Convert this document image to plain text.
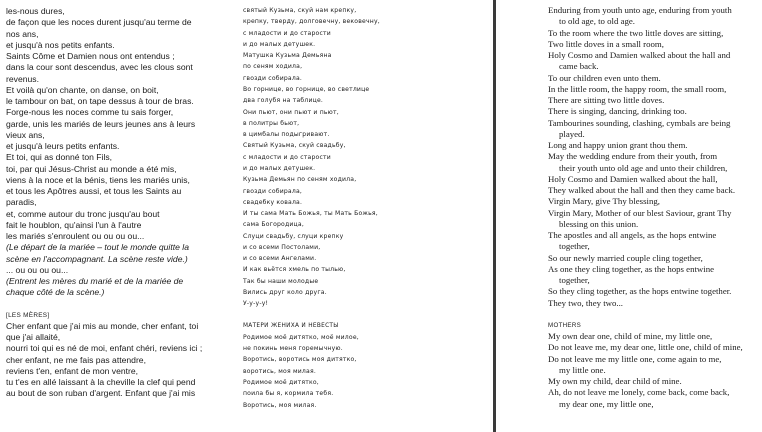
les-nous dures,
de façon que les noces durent jusqu'au terme de
nos ans,
et jusqu'à nos petits enfants.
Saints Côme et Damien nous ont entendus ;
dans la cour sont descendus, avec les clous sont
revenus.
Et voilà qu'on chante, on danse, on boit,
le tambour on bat, on tape dessus à tour de bras.
Forge-nous les noces comme tu sais forger,
garde, unis les mariés de leurs jeunes ans à leurs
vieux ans,
et jusqu'à leurs petits enfants.
Et toi, qui as donné ton Fils,
toi, par qui Jésus-Christ au monde a été mis,
viens à la noce et la bénis, tiens les mariés unis,
et tous les Apôtres aussi, et tous les Saints au
paradis,
et, comme autour du tronc jusqu'au bout
fait le houblon, qu'ainsi l'un à l'autre
les mariés s'enroulent ou ou ou ou...
(Le départ de la mariée – tout le monde quitte la
scène en l'accompagnant. La scène reste vide.)
... ou ou ou ou...
(Entrent les mères du marié et de la mariée de
chaque côté de la scène.)
[LES MÈRES]
Cher enfant que j'ai mis au monde, cher enfant, toi
que j'ai allaité,
nourri toi qui es né de moi, enfant chéri, reviens ici ;
cher enfant, ne me fais pas attendre,
reviens t'en, enfant de mon ventre,
tu t'es en allé laissant à la cheville la clef qui pend
au bout de son ruban d'argent. Enfant que j'ai mis
святый Кузьма, скуй нам крепку,
крепку, тверду, долговечну, вековечну,
с младости и до старости
и до малых детушек.
Матушка Кузьма Демьяна
по сеням ходила,
гвозди собирала.
Во горнице, во горнице, во светлице
два голубя на таблице.
Они пьют, они пьют и пьют,
в политры бьют,
в цимбалы подыгривают.
Святый Кузьма, скуй свадьбу,
с младости и до старости
и до малых детушек.
Кузьма Демьян по сеням ходила,
гвозди собирала,
свадебку ковала.
И ты сама Мать Божья, ты Мать Божья,
сама Богородица,
Слуци свадьбу, слуци крепку
и со всеми Постолами,
и со всеми Ангелами.
И как вьётся хмель по тылью,
Так бы наши молодые
Вились друг коло друга.
У-у-у-у!
МАТЕРИ ЖЕНИХА И НЕВЕСТЫ
Родимое моё дитятко, моё милое,
не покинь меня горемычную.
Воротись, воротись моя дитятко,
воротись, моя милая.
Родимое моё дитятко,
поила бы я, кормила тебя.
Воротись, моя милая.
Enduring from youth unto age, enduring from youth
to old age, to old age.
To the room where the two little doves are sitting,
Two little doves in a small room,
Holy Cosmo and Damien walked about the hall and
came back.
To our children even unto them.
In the little room, the happy room, the small room,
There are sitting two little doves.
There is singing, dancing, drinking too.
Tambourines sounding, clashing, cymbals are being
played.
Long and happy union grant thou them.
May the wedding endure from their youth, from
their youth unto old age and unto their children,
Holy Cosmo and Damien walked about the hall,
They walked about the hall and then they came back.
Virgin Mary, give Thy blessing,
Virgin Mary, Mother of our blest Saviour, grant Thy
blessing on this union.
The apostles and all angels, as the hops entwine
together,
So our newly married couple cling together,
As one they cling together, as the hops entwine
together,
So they cling together, as the hops entwine together.
They two, they two...
MOTHERS
My own dear one, child of mine, my little one,
Do not leave me, my dear one, little one, child of mine,
Do not leave me my little one, come again to me,
my little one.
My own my child, dear child of mine.
Ah, do not leave me lonely, come back, come back,
my dear one, my little one,
